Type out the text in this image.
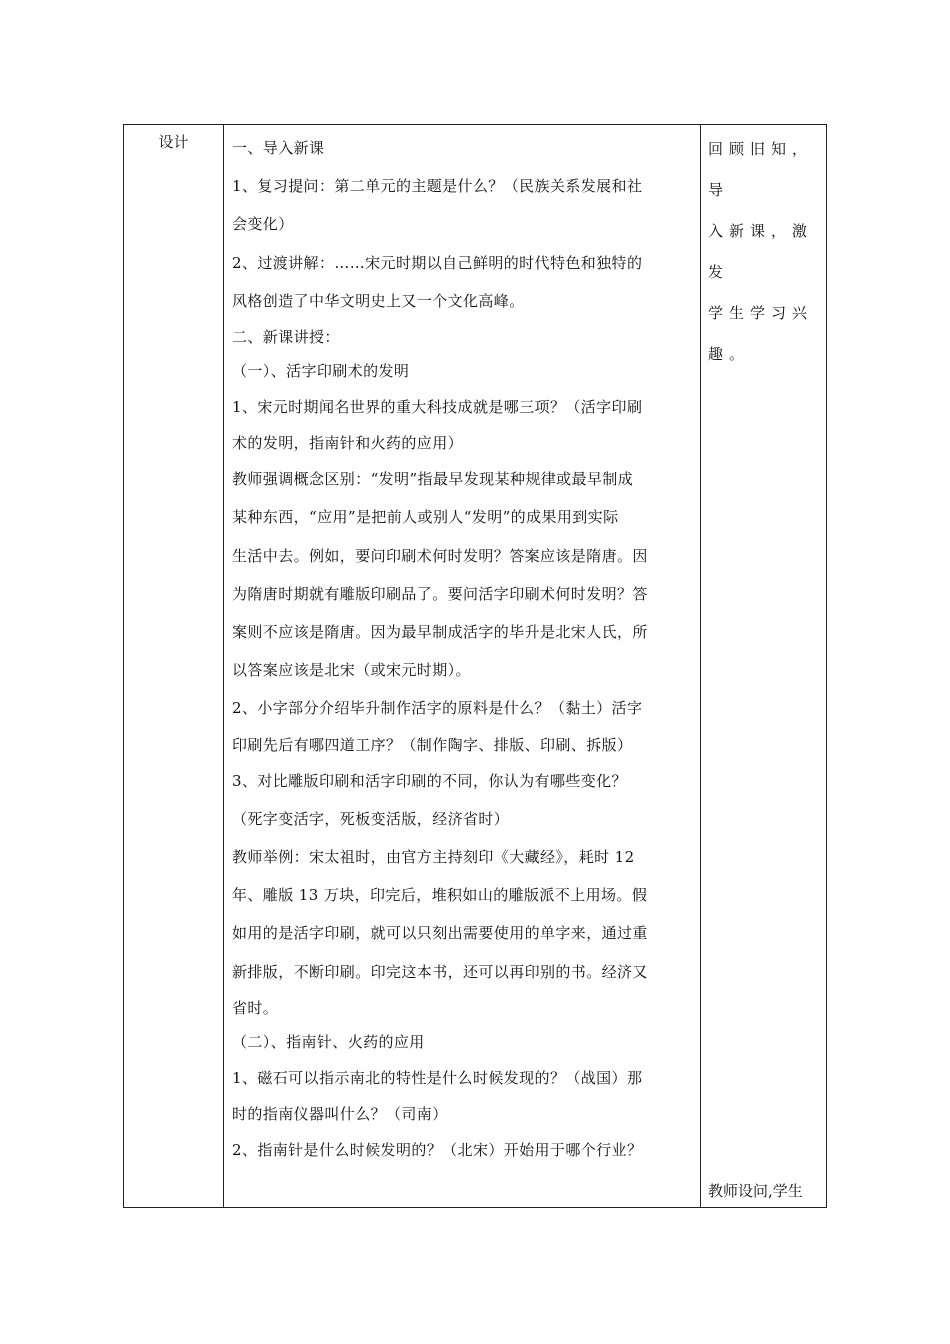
设计	一、导入新课

1、复习提问：第二单元的主题是什么？（民族关系发展和社

会变化）

2、过渡讲解：……宋元时期以自己鲜明的时代特色和独特的

风格创造了中华文明史上又一个文化高峰。

二、新课讲授：

（一）、活字印刷术的发明

1、宋元时期闻名世界的重大科技成就是哪三项？（活字印刷

术的发明，指南针和火药的应用）

教师强调概念区别：“发明”指最早发现某种规律或最早制成

某种东西，“应用”是把前人或别人“发明”的成果用到实际

生活中去。例如，要问印刷术何时发明？答案应该是隋唐。因

为隋唐时期就有雕版印刷品了。要问活字印刷术何时发明？答

案则不应该是隋唐。因为最早制成活字的毕升是北宋人氏，所

以答案应该是北宋（或宋元时期）。

2、小字部分介绍毕升制作活字的原料是什么？（黏土）活字

印刷先后有哪四道工序？（制作陶字、排版、印刷、拆版）

3、对比雕版印刷和活字印刷的不同，你认为有哪些变化？

（死字变活字，死板变活版，经济省时）

教师举例：宋太祖时，由官方主持刻印《大藏经》，耗时 12

年、雕版 13 万块，印完后，堆积如山的雕版派不上用场。假

如用的是活字印刷，就可以只刻出需要使用的单字来，通过重

新排版，不断印刷。印完这本书，还可以再印别的书。经济又

省时。

（二）、指南针、火药的应用

1、磁石可以指示南北的特性是什么时候发现的？（战国）那

时的指南仪器叫什么？（司南）

2、指南针是什么时候发明的？（北宋）开始用于哪个行业？

回顾旧知，导

入新课，激发

学生学习兴

趣。

教师设问,学生
